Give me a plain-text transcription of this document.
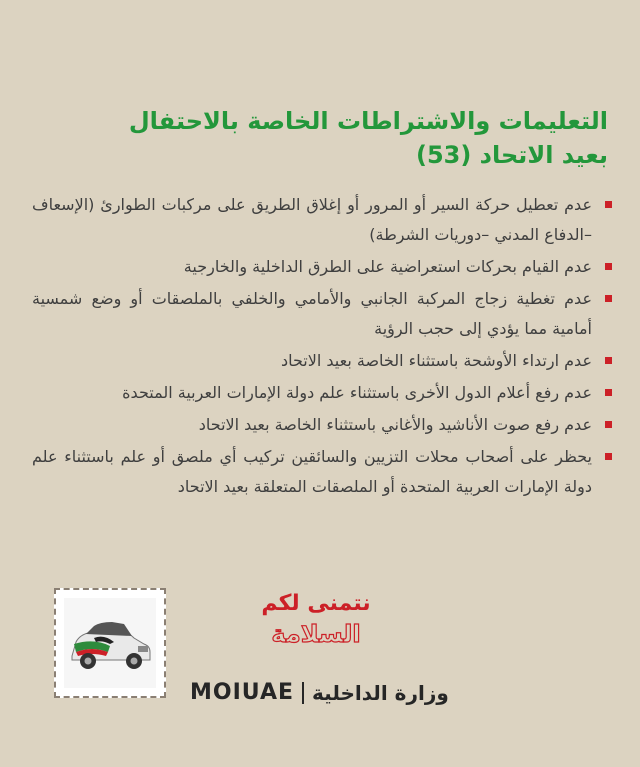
التعليمات والاشتراطات الخاصة بالاحتفال
بعيد الاتحاد (53)
عدم تعطيل حركة السير أو المرور أو إغلاق الطريق على مركبات الطوارئ (الإسعاف –الدفاع المدني –دوريات الشرطة)
عدم القيام بحركات استعراضية على الطرق الداخلية والخارجية
عدم تغطية زجاج المركبة الجانبي والأمامي والخلفي بالملصقات أو وضع شمسية أمامية مما يؤدي إلى حجب الرؤية
عدم ارتداء الأوشحة باستثناء الخاصة بعيد الاتحاد
عدم رفع أعلام الدول الأخرى باستثناء علم دولة الإمارات العربية المتحدة
عدم رفع صوت الأناشيد والأغاني باستثناء الخاصة بعيد الاتحاد
يحظر على أصحاب محلات التزيين والسائقين تركيب أي ملصق أو علم باستثناء علم دولة الإمارات العربية المتحدة أو الملصقات المتعلقة بعيد الاتحاد
نتمنى لكم
السلامة
MOIUAE وزارة الداخلية
